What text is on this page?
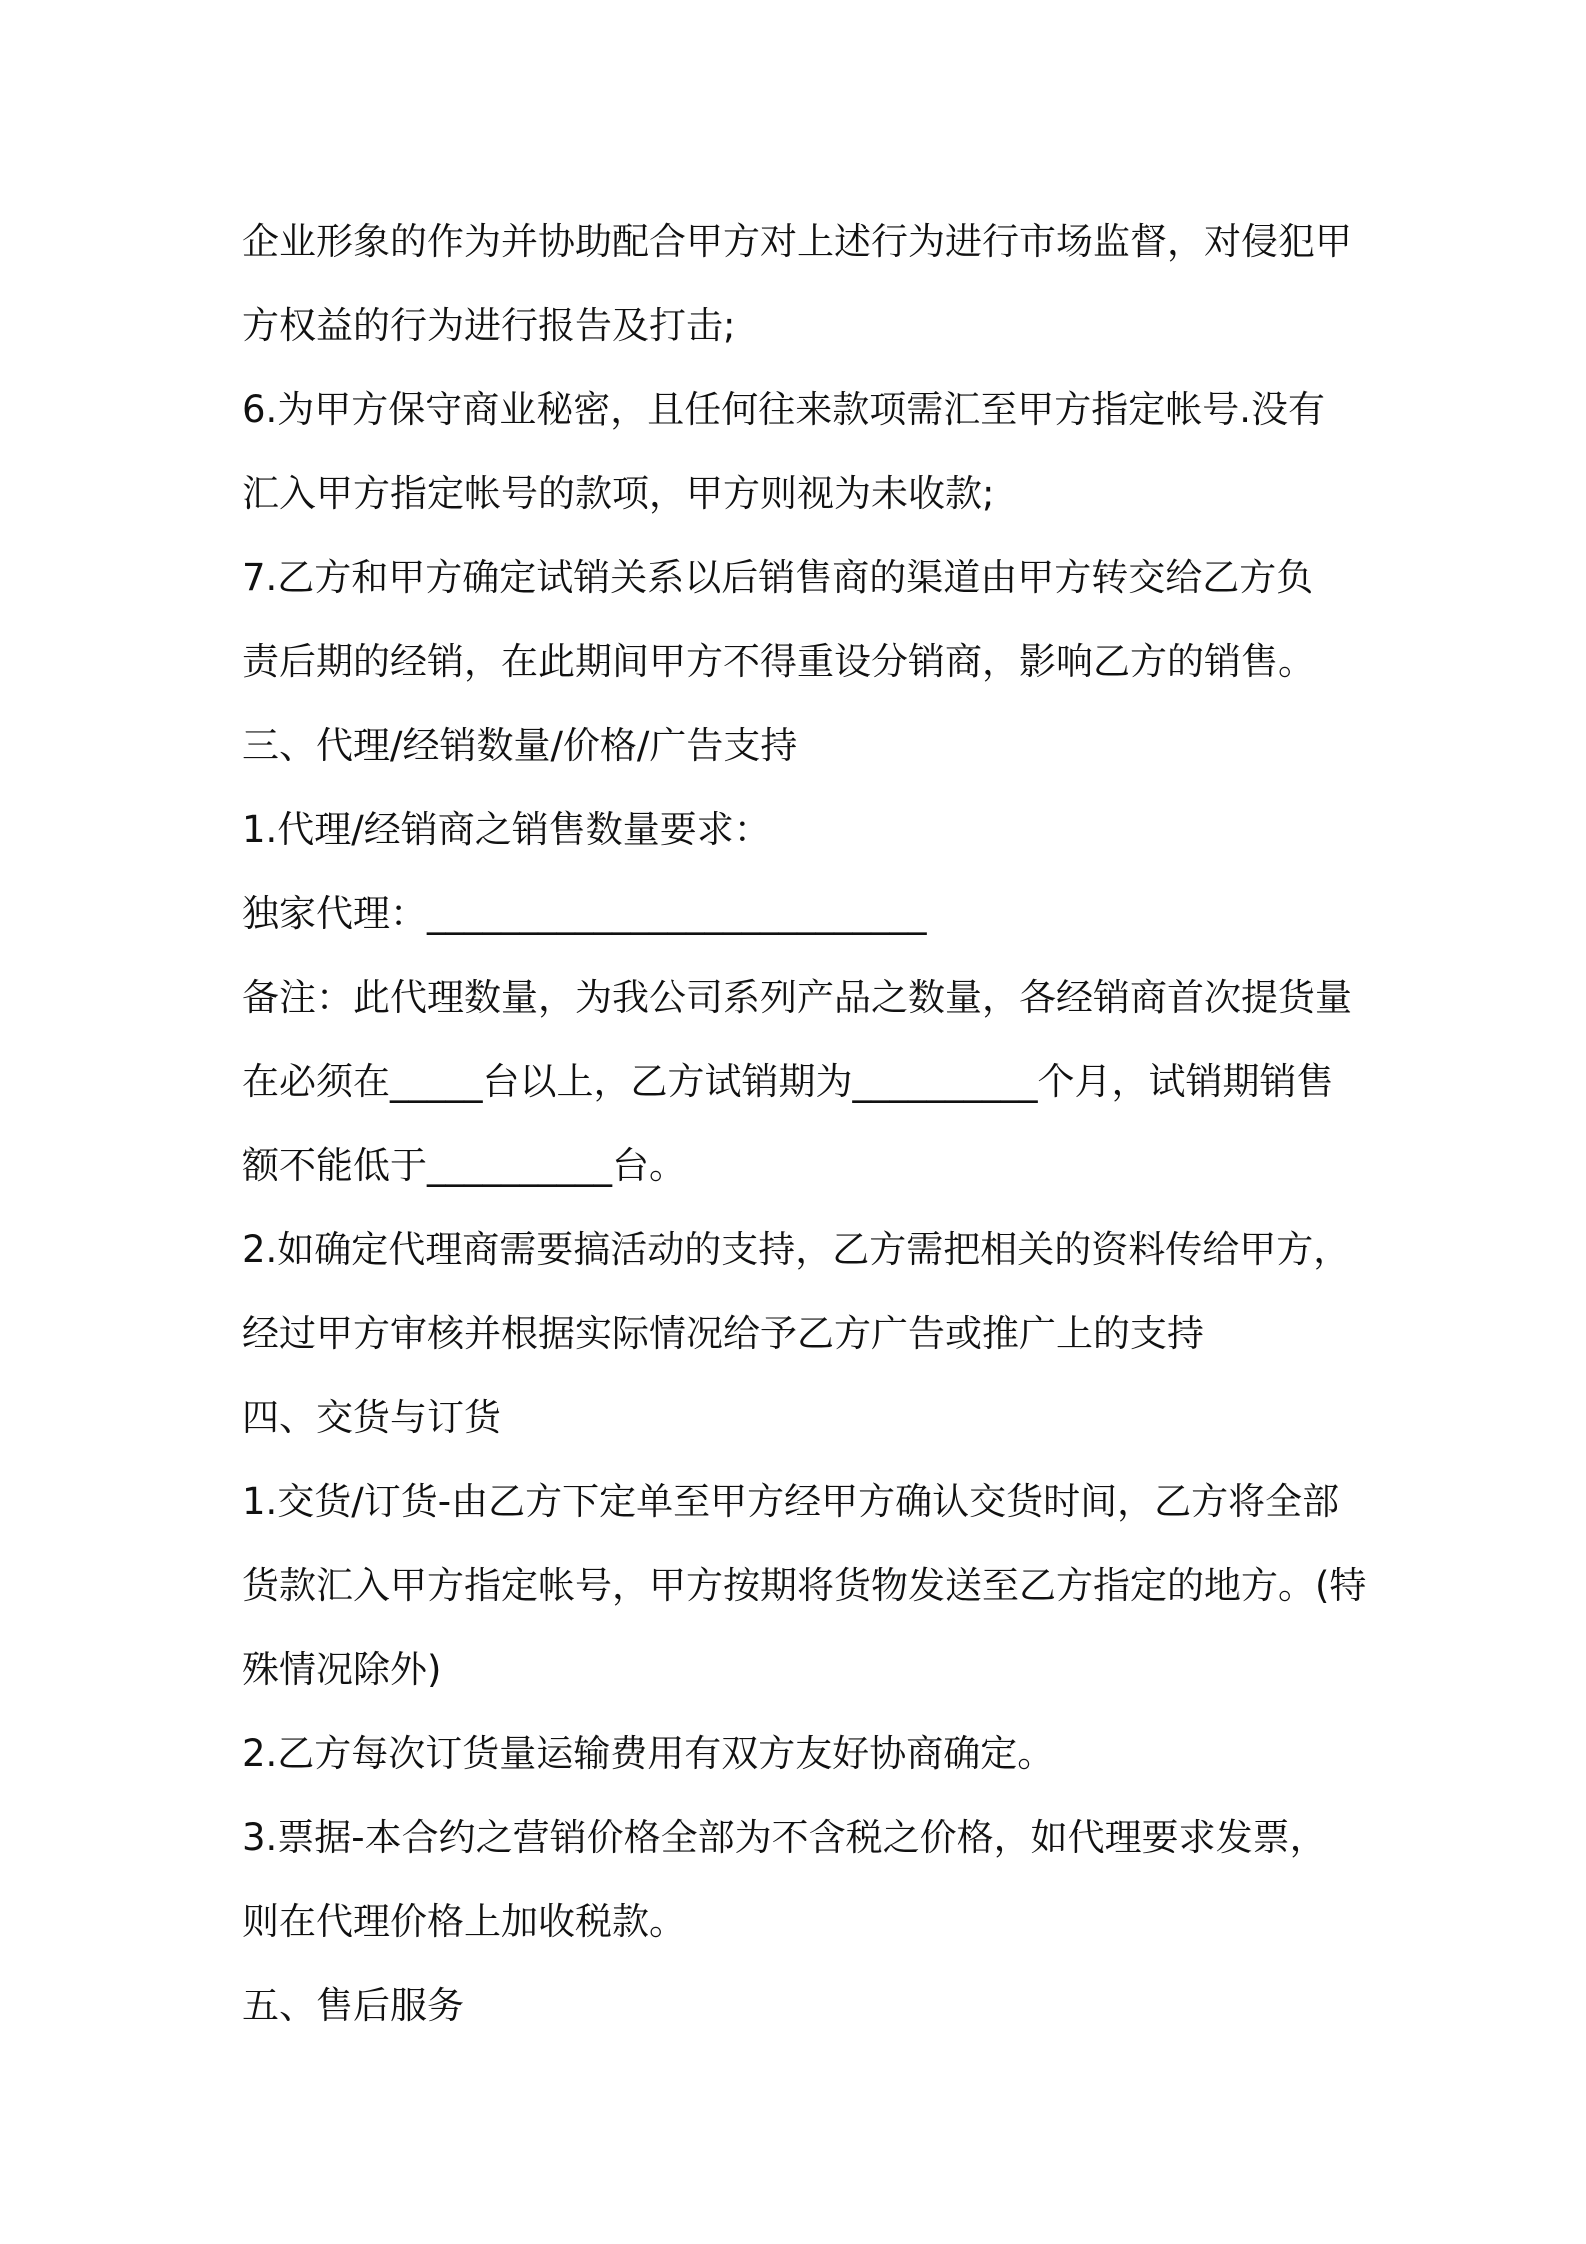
企业形象的作为并协助配合甲方对上述行为进行市场监督，对侵犯甲
方权益的行为进行报告及打击;
6.为甲方保守商业秘密，且任何往来款项需汇至甲方指定帐号.没有
汇入甲方指定帐号的款项，甲方则视为未收款;
7.乙方和甲方确定试销关系以后销售商的渠道由甲方转交给乙方负
责后期的经销，在此期间甲方不得重设分销商，影响乙方的销售。
三、代理/经销数量/价格/广告支持
1.代理/经销商之销售数量要求：
独家代理：___________________________
备注：此代理数量，为我公司系列产品之数量，各经销商首次提货量
在必须在_____台以上，乙方试销期为__________个月，试销期销售
额不能低于__________台。
2.如确定代理商需要搞活动的支持，乙方需把相关的资料传给甲方，
经过甲方审核并根据实际情况给予乙方广告或推广上的支持
四、交货与订货
1.交货/订货-由乙方下定单至甲方经甲方确认交货时间，乙方将全部
货款汇入甲方指定帐号，甲方按期将货物发送至乙方指定的地方。(特
殊情况除外)
2.乙方每次订货量运输费用有双方友好协商确定。
3.票据-本合约之营销价格全部为不含税之价格，如代理要求发票，
则在代理价格上加收税款。
五、售后服务
